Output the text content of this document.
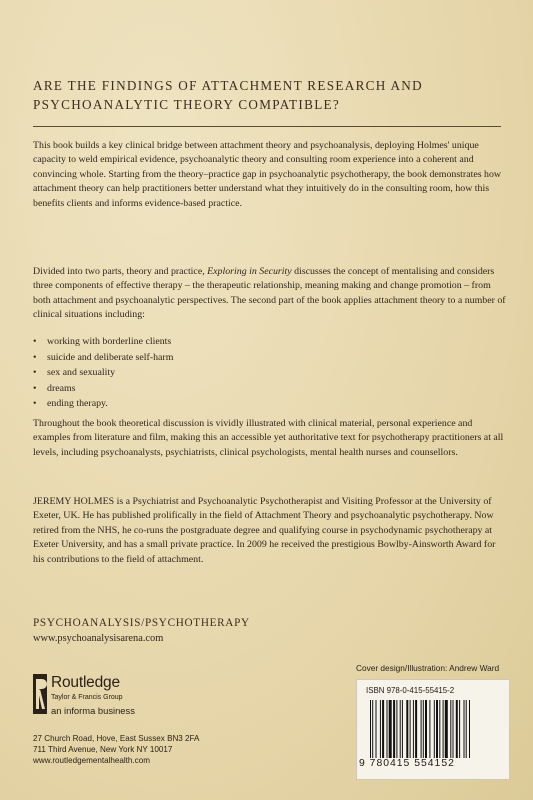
ARE THE FINDINGS OF ATTACHMENT RESEARCH AND PSYCHOANALYTIC THEORY COMPATIBLE?

This book builds a key clinical bridge between attachment theory and psychoanalysis, deploying Holmes' unique capacity to weld empirical evidence, psychoanalytic theory and consulting room experience into a coherent and convincing whole. Starting from the theory–practice gap in psychoanalytic psychotherapy, the book demonstrates how attachment theory can help practitioners better understand what they intuitively do in the consulting room, how this benefits clients and informs evidence-based practice.

Divided into two parts, theory and practice, Exploring in Security discusses the concept of mentalising and considers three components of effective therapy – the therapeutic relationship, meaning making and change promotion – from both attachment and psychoanalytic perspectives. The second part of the book applies attachment theory to a number of clinical situations including:

• working with borderline clients
• suicide and deliberate self-harm
• sex and sexuality
• dreams
• ending therapy.

Throughout the book theoretical discussion is vividly illustrated with clinical material, personal experience and examples from literature and film, making this an accessible yet authoritative text for psychotherapy practitioners at all levels, including psychoanalysts, psychiatrists, clinical psychologists, mental health nurses and counsellors.

JEREMY HOLMES is a Psychiatrist and Psychoanalytic Psychotherapist and Visiting Professor at the University of Exeter, UK. He has published prolifically in the field of Attachment Theory and psychoanalytic psychotherapy. Now retired from the NHS, he co-runs the postgraduate degree and qualifying course in psychodynamic psychotherapy at Exeter University, and has a small private practice. In 2009 he received the prestigious Bowlby-Ainsworth Award for his contributions to the field of attachment.

PSYCHOANALYSIS/PSYCHOTHERAPY
www.psychoanalysisarena.com
Cover design/Illustration: Andrew Ward
Routledge
Taylor & Francis Group
an informa business
27 Church Road, Hove, East Sussex BN3 2FA
711 Third Avenue, New York NY 10017
www.routledgementalhealth.com
ISBN 978-0-415-55415-2
9 780415 554152
